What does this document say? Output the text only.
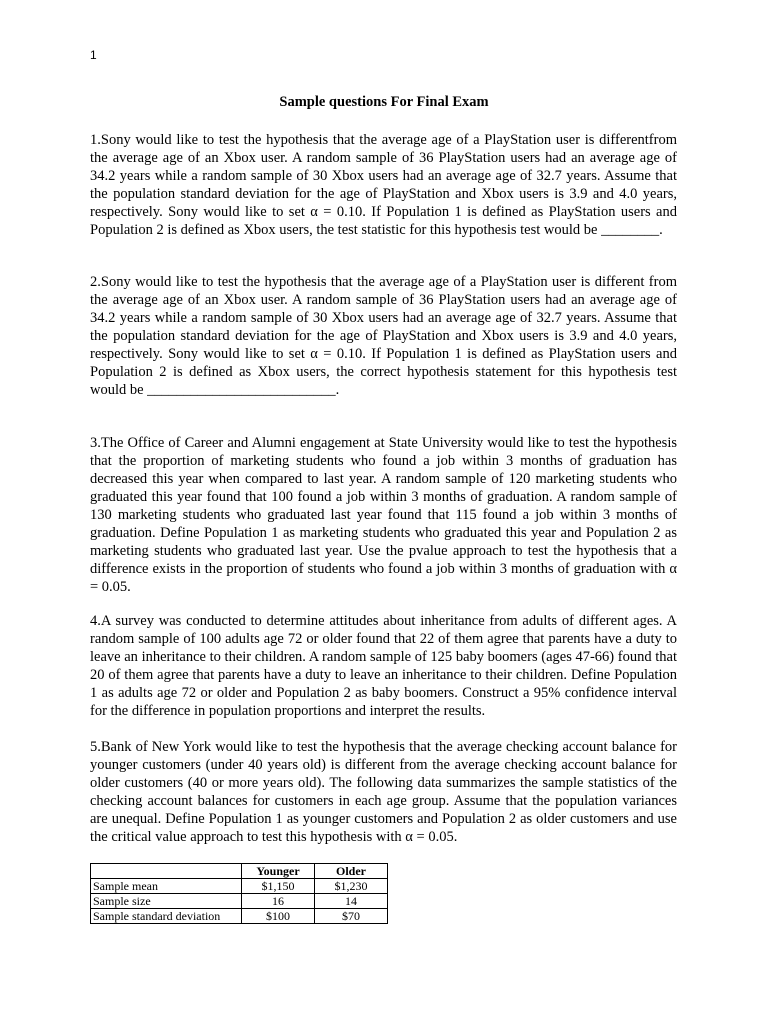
1
Sample questions For Final Exam

1.Sony would like to test the hypothesis that the average age of a PlayStation user is differentfrom the average age of an Xbox user. A random sample of 36 PlayStation users had an average age of 34.2 years while a random sample of 30 Xbox users had an average age of 32.7 years. Assume that the population standard deviation for the age of PlayStation and Xbox users is 3.9 and 4.0 years, respectively. Sony would like to set α = 0.10. If Population 1 is defined as PlayStation users and Population 2 is defined as Xbox users, the test statistic for this hypothesis test would be ________.

2.Sony would like to test the hypothesis that the average age of a PlayStation user is different from the average age of an Xbox user. A random sample of 36 PlayStation users had an average age of 34.2 years while a random sample of 30 Xbox users had an average age of 32.7 years. Assume that the population standard deviation for the age of PlayStation and Xbox users is 3.9 and 4.0 years, respectively. Sony would like to set α = 0.10. If Population 1 is defined as PlayStation users and Population 2 is defined as Xbox users, the correct hypothesis statement for this hypothesis test would be __________________________.

3.The Office of Career and Alumni engagement at State University would like to test the hypothesis that the proportion of marketing students who found a job within 3 months of graduation has decreased this year when compared to last year. A random sample of 120 marketing students who graduated this year found that 100 found a job within 3 months of graduation. A random sample of 130 marketing students who graduated last year found that 115 found a job within 3 months of graduation. Define Population 1 as marketing students who graduated this year and Population 2 as marketing students who graduated last year. Use the pvalue approach to test the hypothesis that a difference exists in the proportion of students who found a job within 3 months of graduation with α = 0.05.

4.A survey was conducted to determine attitudes about inheritance from adults of different ages. A random sample of 100 adults age 72 or older found that 22 of them agree that parents have a duty to leave an inheritance to their children. A random sample of 125 baby boomers (ages 47-66) found that 20 of them agree that parents have a duty to leave an inheritance to their children. Define Population 1 as adults age 72 or older and Population 2 as baby boomers. Construct a 95% confidence interval for the difference in population proportions and interpret the results.

5.Bank of New York would like to test the hypothesis that the average checking account balance for younger customers (under 40 years old) is different from the average checking account balance for older customers (40 or more years old). The following data summarizes the sample statistics of the checking account balances for customers in each age group. Assume that the population variances are unequal. Define Population 1 as younger customers and Population 2 as older customers and use the critical value approach to test this hypothesis with α = 0.05.

	Younger	Older
Sample mean	$1,150	$1,230
Sample size	16	14
Sample standard deviation	$100	$70
